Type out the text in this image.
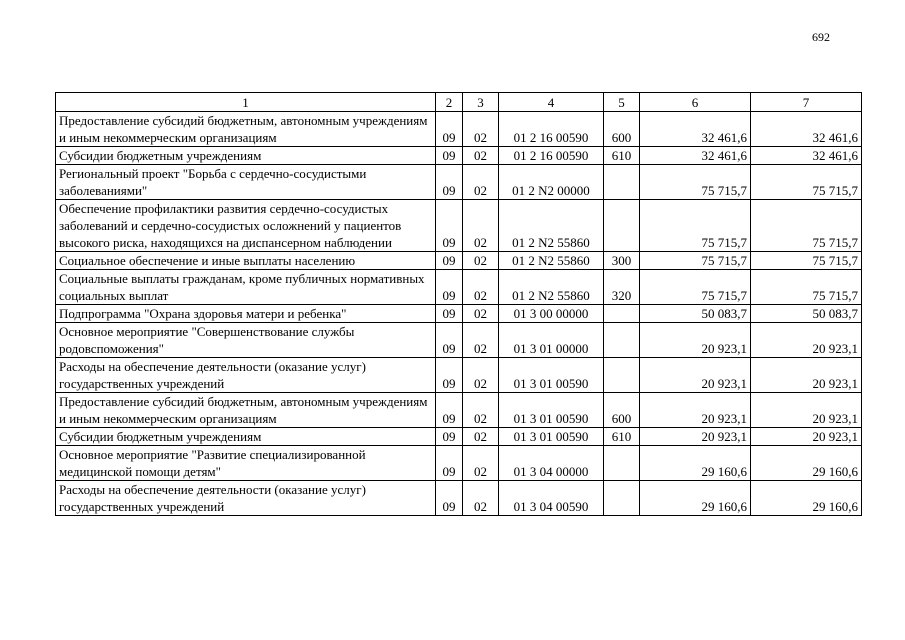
692
1	2	3	4	5	6	7
Предоставление субсидий бюджетным, автономным учреждениям и иным некоммерческим организациям	09	02	01 2 16 00590	600	32 461,6	32 461,6
Субсидии бюджетным учреждениям	09	02	01 2 16 00590	610	32 461,6	32 461,6
Региональный проект "Борьба с сердечно-сосудистыми заболеваниями"	09	02	01 2 N2 00000		75 715,7	75 715,7
Обеспечение профилактики развития сердечно-сосудистых заболеваний и сердечно-сосудистых осложнений у пациентов высокого риска, находящихся на диспансерном наблюдении	09	02	01 2 N2 55860		75 715,7	75 715,7
Социальное обеспечение и иные выплаты населению	09	02	01 2 N2 55860	300	75 715,7	75 715,7
Социальные выплаты гражданам, кроме публичных нормативных социальных выплат	09	02	01 2 N2 55860	320	75 715,7	75 715,7
Подпрограмма "Охрана здоровья матери и ребенка"	09	02	01 3 00 00000		50 083,7	50 083,7
Основное мероприятие "Совершенствование службы родовспоможения"	09	02	01 3 01 00000		20 923,1	20 923,1
Расходы на обеспечение деятельности (оказание услуг) государственных учреждений	09	02	01 3 01 00590		20 923,1	20 923,1
Предоставление субсидий бюджетным, автономным учреждениям и иным некоммерческим организациям	09	02	01 3 01 00590	600	20 923,1	20 923,1
Субсидии бюджетным учреждениям	09	02	01 3 01 00590	610	20 923,1	20 923,1
Основное мероприятие "Развитие специализированной медицинской помощи детям"	09	02	01 3 04 00000		29 160,6	29 160,6
Расходы на обеспечение деятельности (оказание услуг) государственных учреждений	09	02	01 3 04 00590		29 160,6	29 160,6
